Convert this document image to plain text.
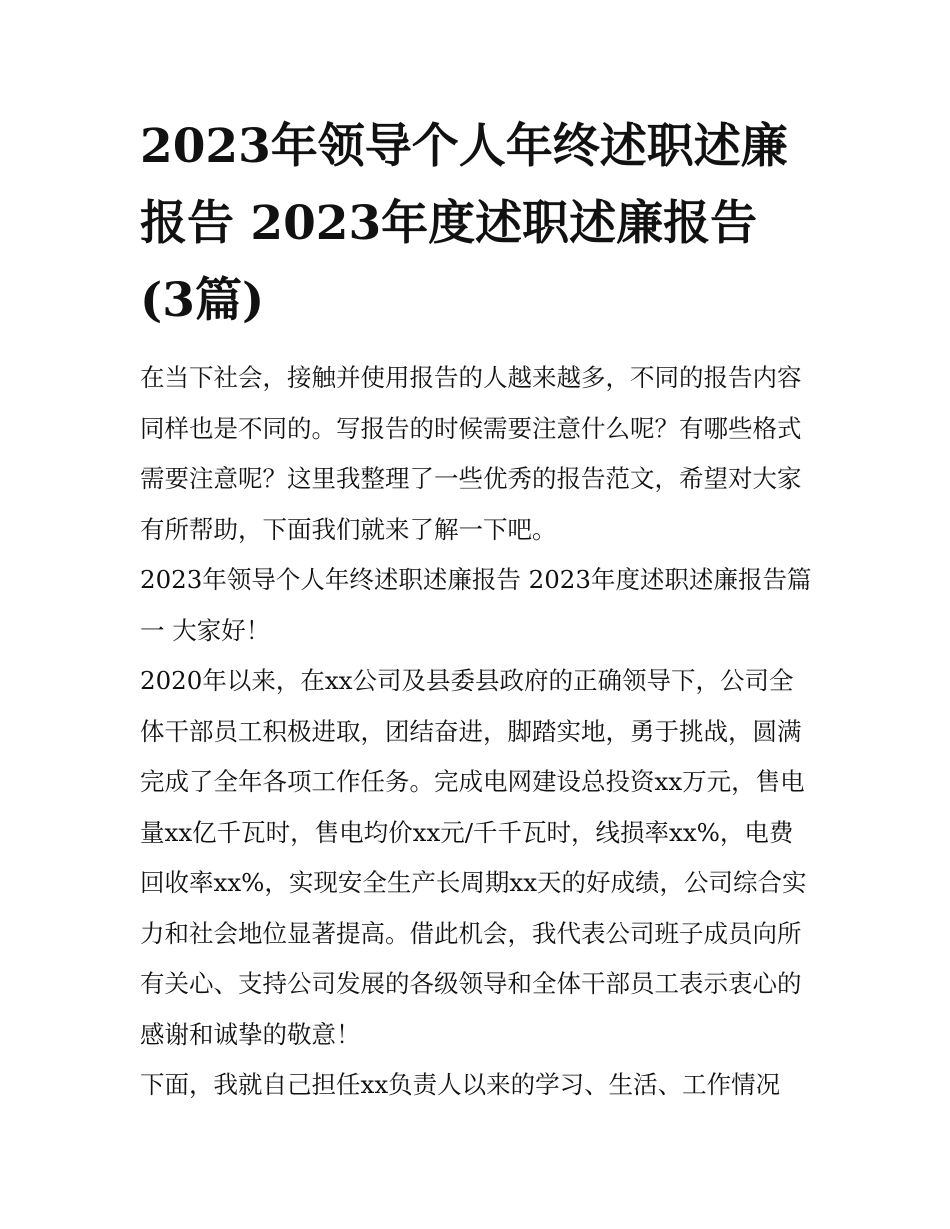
2023年领导个人年终述职述廉报告 2023年度述职述廉报告(3篇)

在当下社会，接触并使用报告的人越来越多，不同的报告内容同样也是不同的。写报告的时候需要注意什么呢？有哪些格式需要注意呢？这里我整理了一些优秀的报告范文，希望对大家有所帮助，下面我们就来了解一下吧。

2023年领导个人年终述职述廉报告 2023年度述职述廉报告篇一 大家好！

2020年以来，在xx公司及县委县政府的正确领导下，公司全体干部员工积极进取，团结奋进，脚踏实地，勇于挑战，圆满完成了全年各项工作任务。完成电网建设总投资xx万元，售电量xx亿千瓦时，售电均价xx元/千千瓦时，线损率xx%，电费回收率xx%，实现安全生产长周期xx天的好成绩，公司综合实力和社会地位显著提高。借此机会，我代表公司班子成员向所有关心、支持公司发展的各级领导和全体干部员工表示衷心的感谢和诚挚的敬意！

下面，我就自己担任xx负责人以来的学习、生活、工作情况
